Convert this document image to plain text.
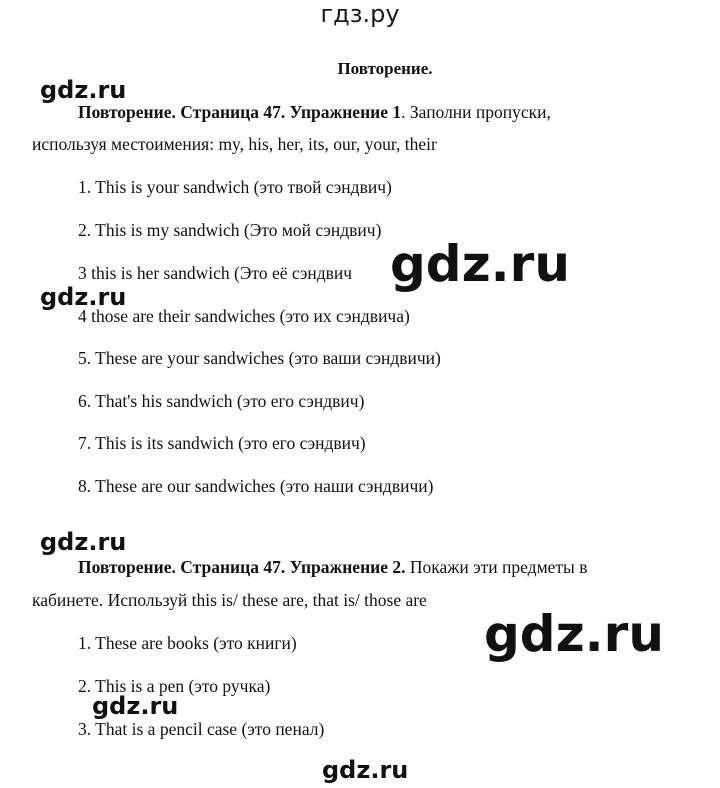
гдз.ру
Повторение.
Повторение. Страница 47. Упражнение 1. Заполни пропуски,
используя местоимения: my, his, her, its, our, your, their
1. This is your sandwich (это твой сэндвич)
2. This is my sandwich (Это мой сэндвич)
3 this is her sandwich (Это её сэндвич
4 those are their sandwiches (это их сэндвича)
5. These are your sandwiches (это ваши сэндвичи)
6. That's his sandwich (это его сэндвич)
7. This is its sandwich (это его сэндвич)
8. These are our sandwiches (это наши сэндвичи)
Повторение. Страница 47. Упражнение 2. Покажи эти предметы в
кабинете. Используй this is/ these are, that is/ those are
1. These are books (это книги)
2. This is a pen (это ручка)
3. That is a pencil case (это пенал)
gdz.ru
gdz.ru
gdz.ru
gdz.ru
gdz.ru
gdz.ru
gdz.ru
